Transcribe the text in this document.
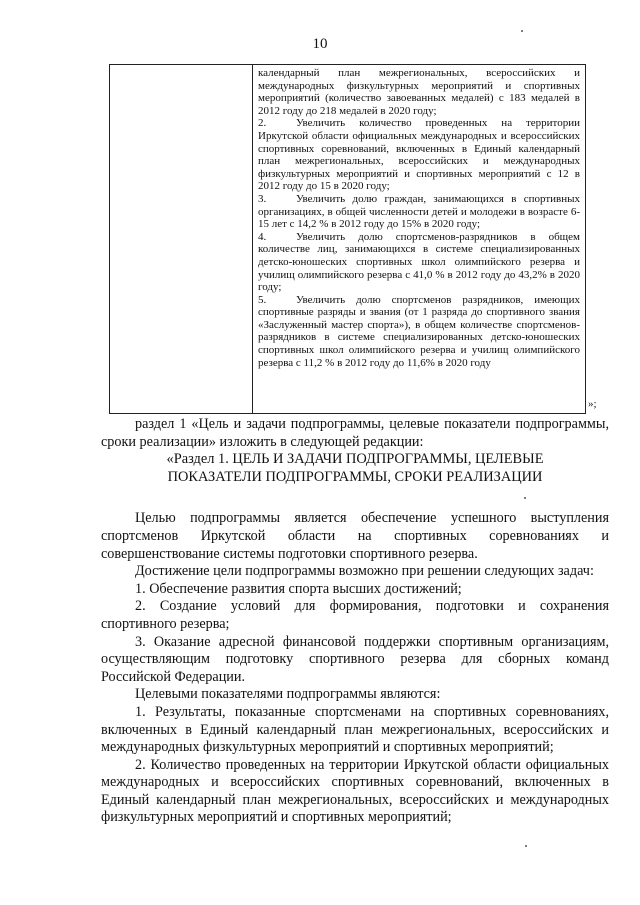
10

календарный план межрегиональных, всероссийских и международных физкультурных мероприятий и спортивных мероприятий (количество завоеванных медалей) с 183 медалей в 2012 году до 218 медалей в 2020 году;

2.	Увеличить количество проведенных на территории Иркутской области официальных международных и всероссийских спортивных соревнований, включенных в Единый календарный план межрегиональных, всероссийских и международных физкультурных мероприятий и спортивных мероприятий с 12 в 2012 году до 15 в 2020 году;

3.	Увеличить долю граждан, занимающихся в спортивных организациях, в общей численности детей и молодежи в возрасте 6-15 лет с 14,2 % в 2012 году до 15% в 2020 году;

4.	Увеличить долю спортсменов-разрядников в общем количестве лиц, занимающихся в системе специализированных детско-юношеских спортивных школ олимпийского резерва и училищ олимпийского резерва с 41,0 % в 2012 году до 43,2% в 2020 году;

5.	Увеличить долю спортсменов разрядников, имеющих спортивные разряды и звания (от 1 разряда до спортивного звания «Заслуженный мастер спорта»), в общем количестве спортсменов-разрядников в системе специализированных детско-юношеских спортивных школ олимпийского резерва и училищ олимпийского резерва с 11,2 % в 2012 году до 11,6% в 2020 году

»;

раздел 1 «Цель и задачи подпрограммы, целевые показатели подпрограммы, сроки реализации» изложить в следующей редакции:

«Раздел 1. ЦЕЛЬ И ЗАДАЧИ ПОДПРОГРАММЫ, ЦЕЛЕВЫЕ

ПОКАЗАТЕЛИ ПОДПРОГРАММЫ, СРОКИ РЕАЛИЗАЦИИ

Целью подпрограммы является обеспечение успешного выступления спортсменов Иркутской области на спортивных соревнованиях и совершенствование системы подготовки спортивного резерва.

Достижение цели подпрограммы возможно при решении следующих задач:

1. Обеспечение развития спорта высших достижений;

2. Создание условий для формирования, подготовки и сохранения спортивного резерва;

3. Оказание адресной финансовой поддержки спортивным организациям, осуществляющим подготовку спортивного резерва для сборных команд Российской Федерации.

Целевыми показателями подпрограммы являются:

1. Результаты, показанные спортсменами на спортивных соревнованиях, включенных в Единый календарный план межрегиональных, всероссийских и международных физкультурных мероприятий и спортивных мероприятий;

2. Количество проведенных на территории Иркутской области официальных международных и всероссийских спортивных соревнований, включенных в Единый календарный план межрегиональных, всероссийских и международных физкультурных мероприятий и спортивных мероприятий;
